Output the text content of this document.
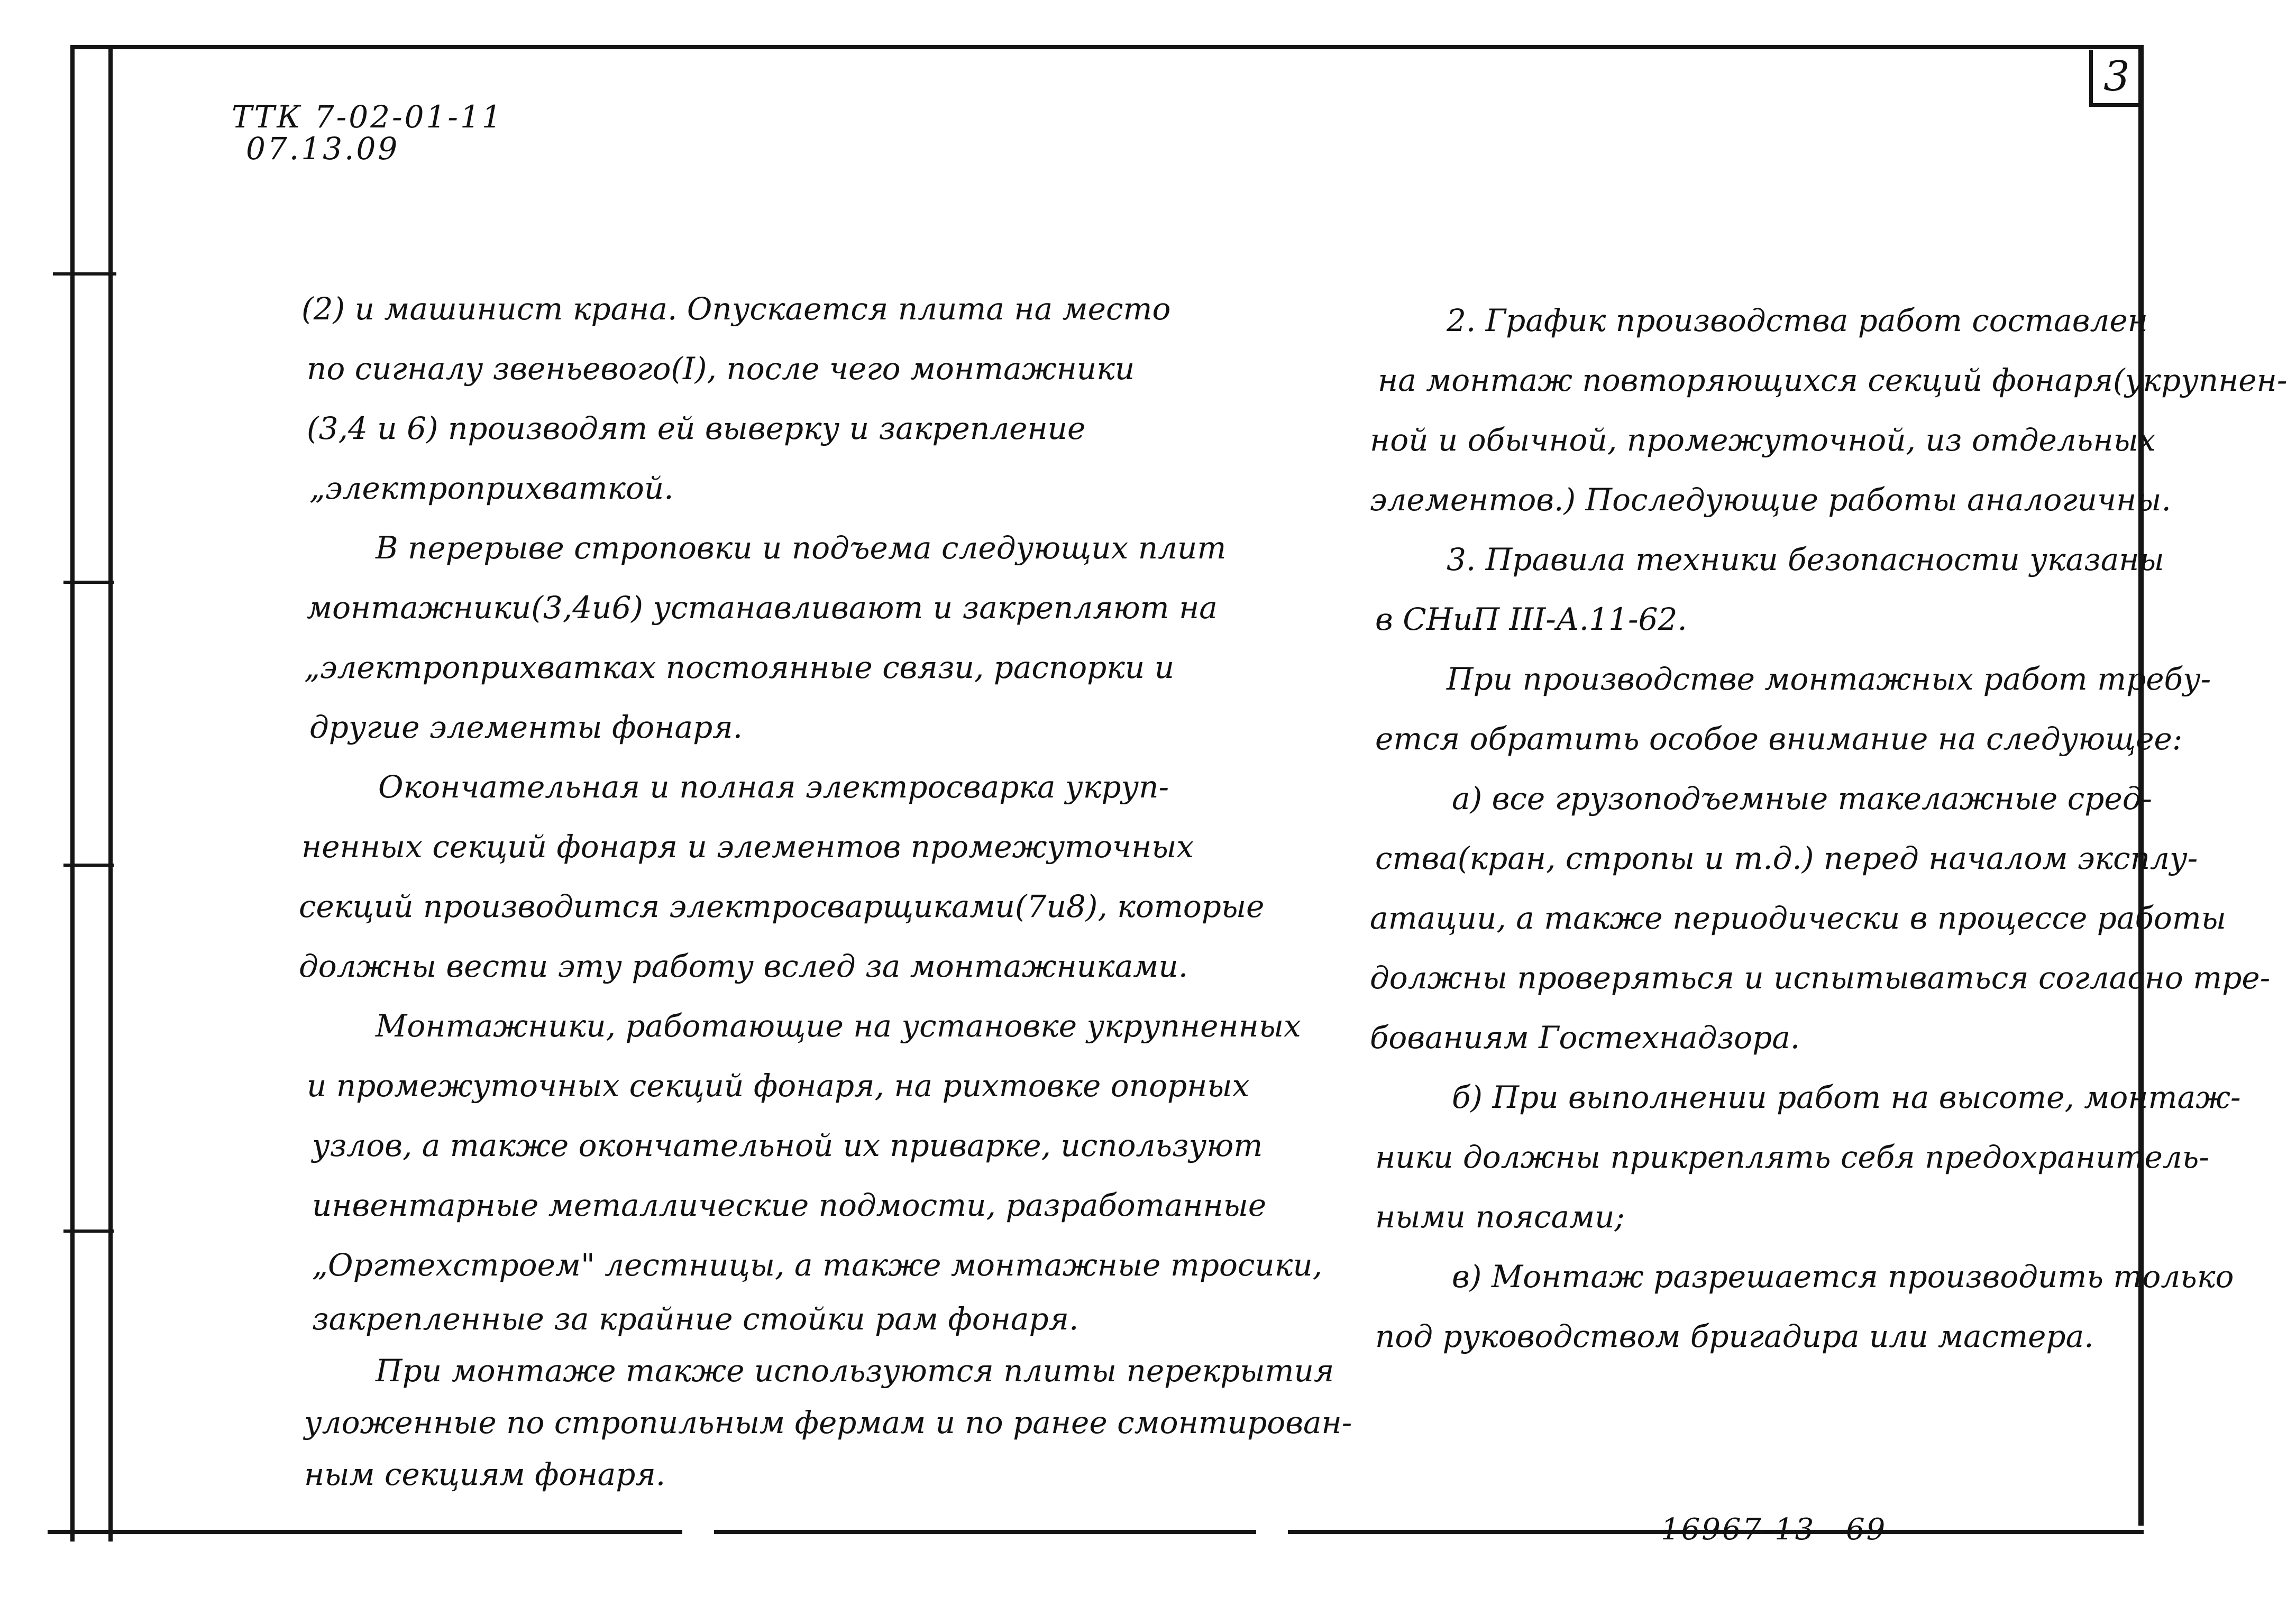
3
ТТК 7-02-01-11
07.13.09
(2) и машинист крана. Опускается плита на место
по сигналу звеньевого(I), после чего монтажники
(3,4 и 6) производят ей выверку и закрепление
„электроприхваткой.
В перерыве строповки и подъема следующих плит
монтажники(3,4и6) устанавливают и закрепляют на
„электроприхватках постоянные связи, распорки и
другие элементы фонаря.
Окончательная и полная электросварка укруп-
ненных секций фонаря и элементов промежуточных
секций производится электросварщиками(7и8), которые
должны вести эту работу вслед за монтажниками.
Монтажники, работающие на установке укрупненных
и промежуточных секций фонаря, на рихтовке опорных
узлов, а также окончательной их приварке, используют
инвентарные металлические подмости, разработанные
„Оргтехстроем" лестницы, а также монтажные тросики,
закрепленные за крайние стойки рам фонаря.
При монтаже также используются плиты перекрытия
уложенные по стропильным фермам и по ранее смонтирован-
ным секциям фонаря.
2. График производства работ составлен
на монтаж повторяющихся секций фонаря(укрупнен-
ной и обычной, промежуточной, из отдельных
элементов.) Последующие работы аналогичны.
3. Правила техники безопасности указаны
в СНиП III-А.11-62.
При производстве монтажных работ требу-
ется обратить особое внимание на следующее:
а) все грузоподъемные такелажные сред-
ства(кран, стропы и т.д.) перед началом эксплу-
атации, а также периодически в процессе работы
должны проверяться и испытываться согласно тре-
бованиям Гостехнадзора.
б) При выполнении работ на высоте, монтаж-
ники должны прикреплять себя предохранитель-
ными поясами;
в) Монтаж разрешается производить только
под руководством бригадира или мастера.
16967-13 69
